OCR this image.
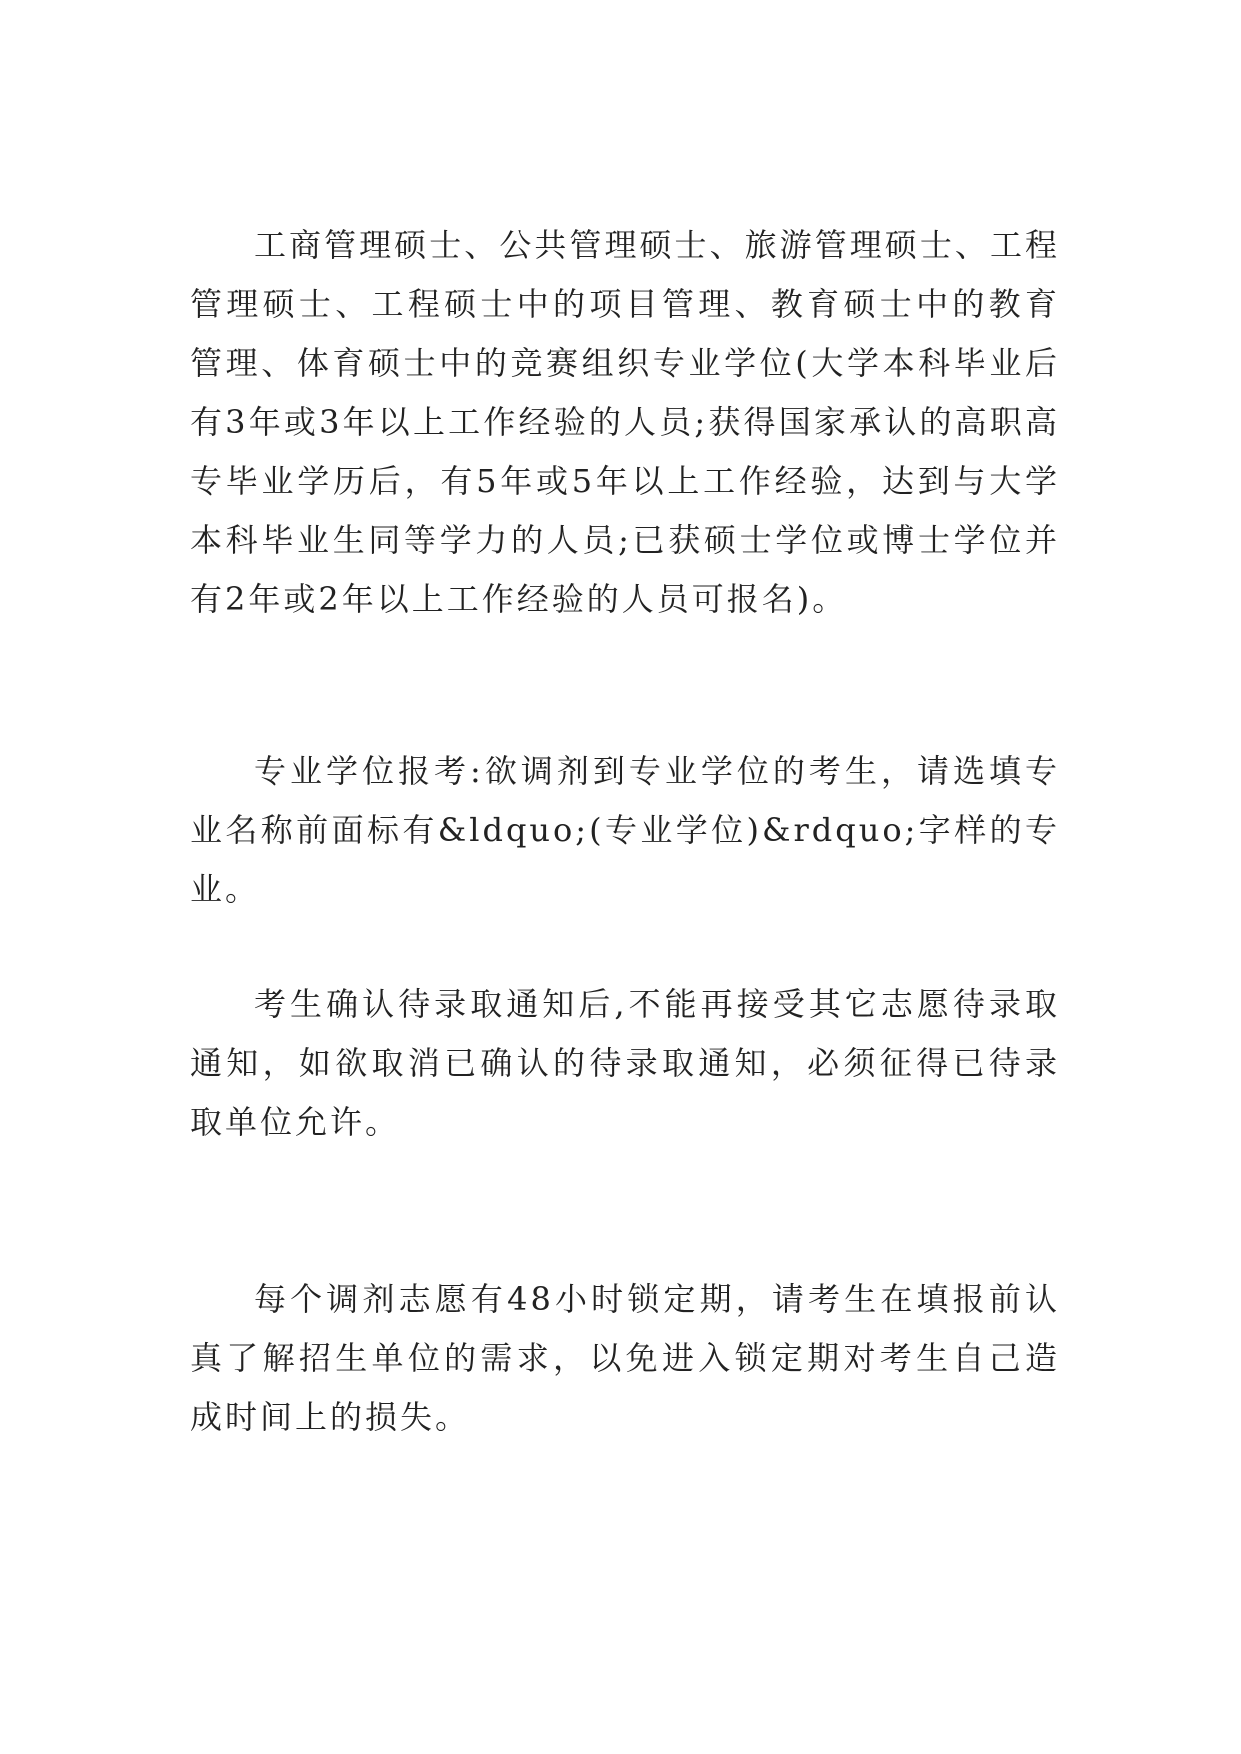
工商管理硕士、公共管理硕士、旅游管理硕士、工程管理硕士、工程硕士中的项目管理、教育硕士中的教育管理、体育硕士中的竞赛组织专业学位(大学本科毕业后有3年或3年以上工作经验的人员;获得国家承认的高职高专毕业学历后，有5年或5年以上工作经验，达到与大学本科毕业生同等学力的人员;已获硕士学位或博士学位并有2年或2年以上工作经验的人员可报名)。

专业学位报考:欲调剂到专业学位的考生，请选填专业名称前面标有&ldquo;(专业学位)&rdquo;字样的专业。

考生确认待录取通知后,不能再接受其它志愿待录取通知，如欲取消已确认的待录取通知，必须征得已待录取单位允许。

每个调剂志愿有48小时锁定期，请考生在填报前认真了解招生单位的需求，以免进入锁定期对考生自己造成时间上的损失。
